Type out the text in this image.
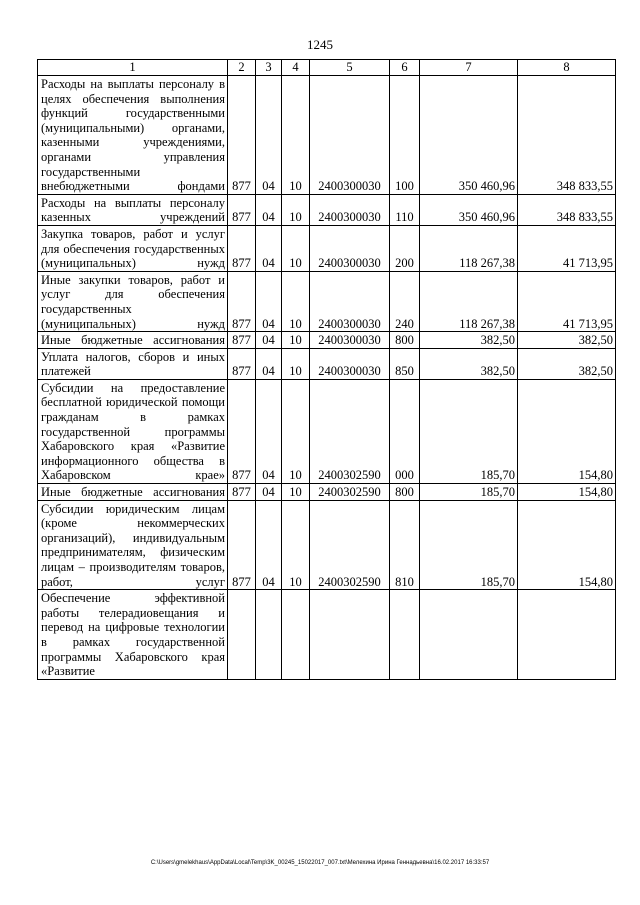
1245
1	2	3	4	5	6	7	8
Расходы на выплаты персоналу в целях обеспечения выполнения функций государственными (муниципальными) органами, казенными учреждениями, органами управления государственными внебюджетными фондами	877	04	10	2400300030	100	350 460,96	348 833,55
Расходы на выплаты персоналу казенных учреждений	877	04	10	2400300030	110	350 460,96	348 833,55
Закупка товаров, работ и услуг для обеспечения государственных (муниципальных) нужд	877	04	10	2400300030	200	118 267,38	41 713,95
Иные закупки товаров, работ и услуг для обеспечения государственных (муниципальных) нужд	877	04	10	2400300030	240	118 267,38	41 713,95
Иные бюджетные ассигнования	877	04	10	2400300030	800	382,50	382,50
Уплата налогов, сборов и иных платежей	877	04	10	2400300030	850	382,50	382,50
Субсидии на предоставление бесплатной юридической помощи гражданам в рамках государственной программы Хабаровского края «Развитие информационного общества в Хабаровском крае»	877	04	10	2400302590	000	185,70	154,80
Иные бюджетные ассигнования	877	04	10	2400302590	800	185,70	154,80
Субсидии юридическим лицам (кроме некоммерческих организаций), индивидуальным предпринимателям, физическим лицам – производителям товаров, работ, услуг	877	04	10	2400302590	810	185,70	154,80
Обеспечение эффективной работы телерадиовещания и перевод на цифровые технологии в рамках государственной программы Хабаровского края «Развитие							
C:\Users\gmelekhaus\AppData\Local\Temp\3K_00245_15022017_007.txt\Мелехина Ирина Геннадьевна\16.02.2017 16:33:57
